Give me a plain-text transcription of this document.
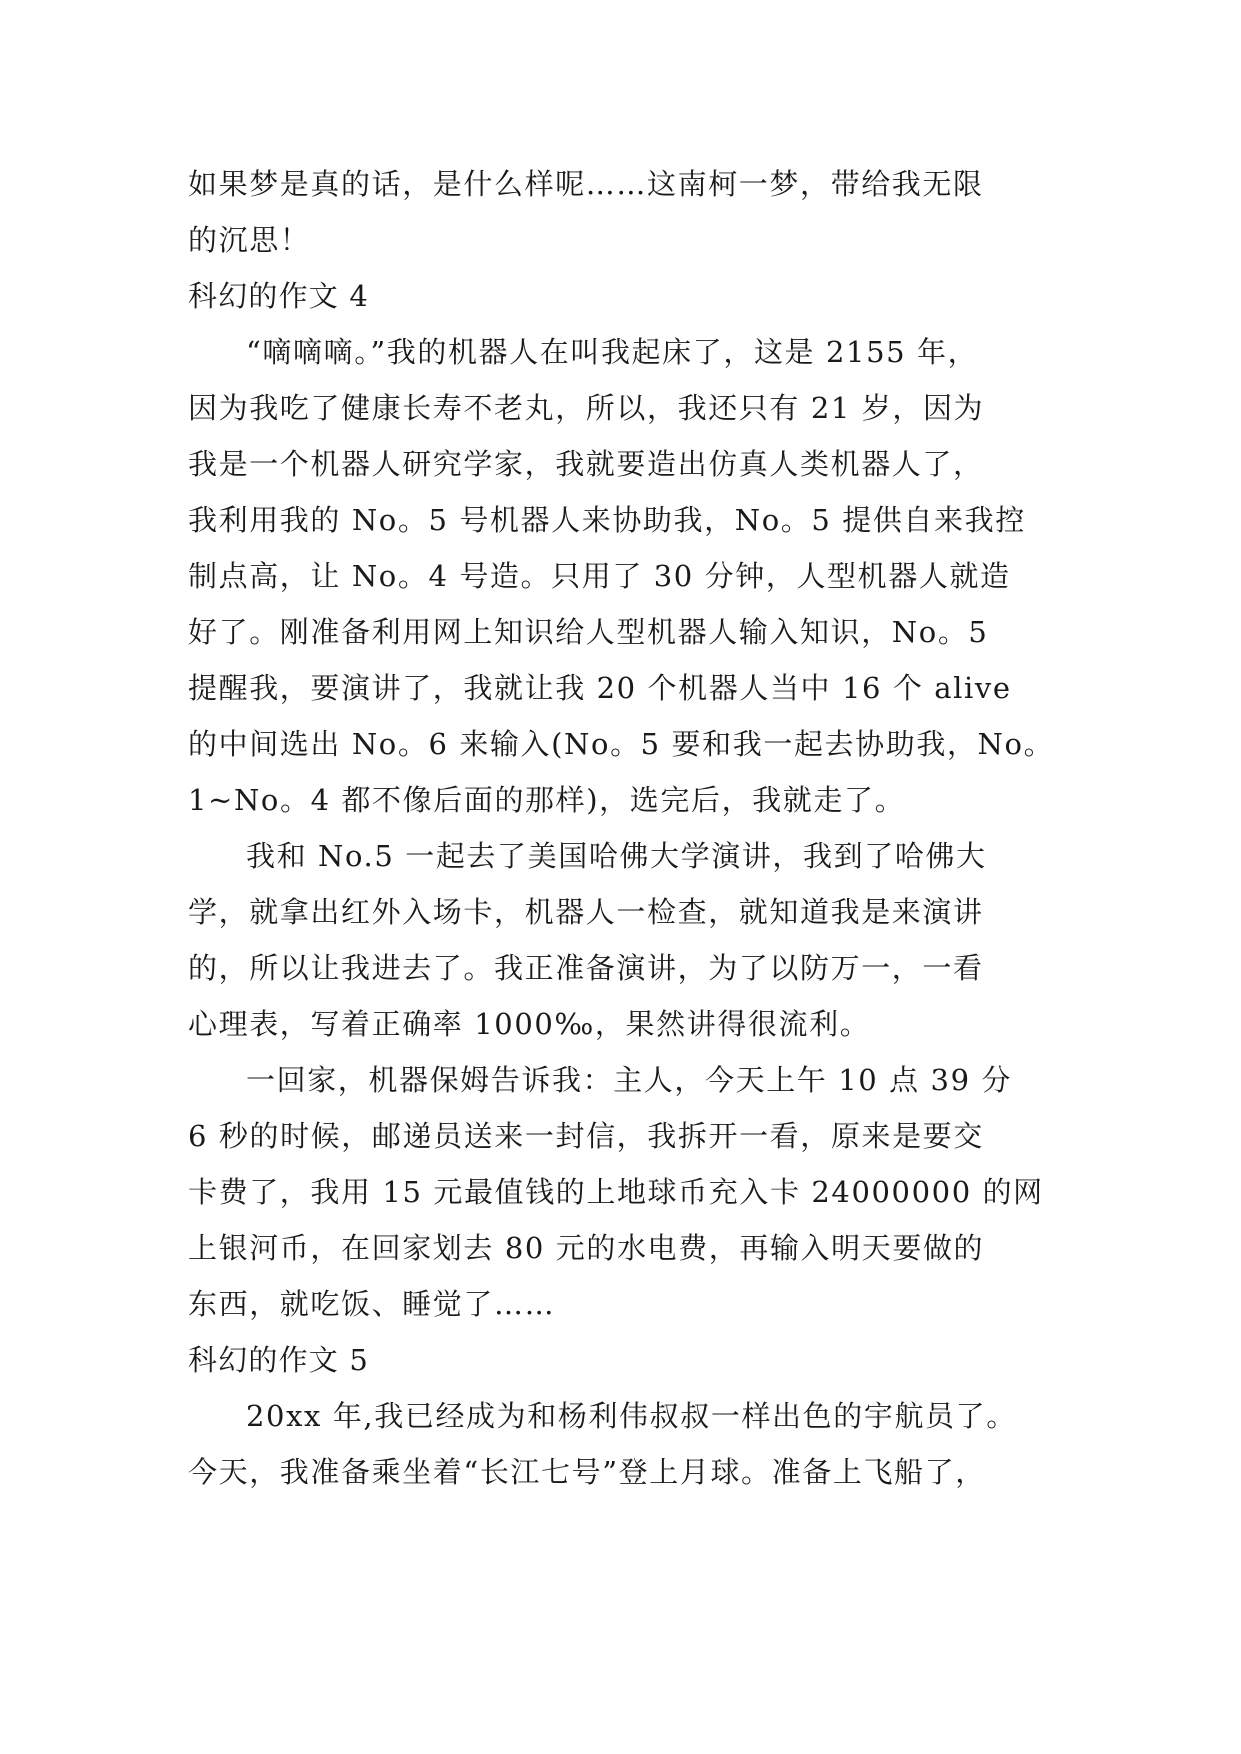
如果梦是真的话，是什么样呢……这南柯一梦，带给我无限

的沉思！

科幻的作文 4

“嘀嘀嘀。”我的机器人在叫我起床了，这是 2155 年，

因为我吃了健康长寿不老丸，所以，我还只有 21 岁，因为

我是一个机器人研究学家，我就要造出仿真人类机器人了，

我利用我的 No。5 号机器人来协助我，No。5 提供自来我控

制点高，让 No。4 号造。只用了 30 分钟，人型机器人就造

好了。刚准备利用网上知识给人型机器人输入知识，No。5

提醒我，要演讲了，我就让我 20 个机器人当中 16 个 alive

的中间选出 No。6 来输入(No。5 要和我一起去协助我，No。

1~No。4 都不像后面的那样)，选完后，我就走了。

我和 No.5 一起去了美国哈佛大学演讲，我到了哈佛大

学，就拿出红外入场卡，机器人一检查，就知道我是来演讲

的，所以让我进去了。我正准备演讲，为了以防万一，一看

心理表，写着正确率 1000‰，果然讲得很流利。

一回家，机器保姆告诉我：主人，今天上午 10 点 39 分

6 秒的时候，邮递员送来一封信，我拆开一看，原来是要交

卡费了，我用 15 元最值钱的上地球币充入卡 24000000 的网

上银河币，在回家划去 80 元的水电费，再输入明天要做的

东西，就吃饭、睡觉了……

科幻的作文 5

20xx 年,我已经成为和杨利伟叔叔一样出色的宇航员了。

今天，我准备乘坐着“长江七号”登上月球。准备上飞船了，
